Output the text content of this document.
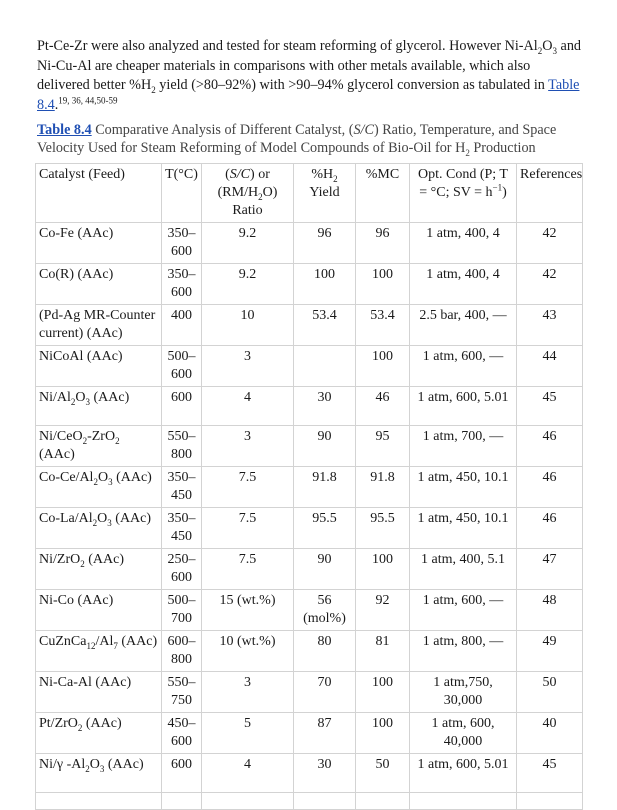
Pt-Ce-Zr were also analyzed and tested for steam reforming of glycerol. However $Ni-Al_2O_3$ and Ni-Cu-Al are cheaper materials in comparisons with other metals available, which also delivered better $\%H_2$ yield (>80–92%) with >90–94% glycerol conversion as tabulated in Table 8.4.$^{19, 36, 44,50-59}$

Table 8.4 Comparative Analysis of Different Catalyst, (S/C) Ratio, Temperature, and Space Velocity Used for Steam Reforming of Model Compounds of Bio-Oil for $H_2$ Production

Catalyst (Feed)	T(°C)	(S/C) or $(RM/H_2O)$ Ratio	$\%H_2$ Yield	%MC	Opt. Cond (P; T = °C; SV = $h^{-1}$)	References
Co-Fe (AAc)	350–600	9.2	96	96	1 atm, 400, 4	42
Co(R) (AAc)	350–600	9.2	100	100	1 atm, 400, 4	42
(Pd-Ag MR-Counter current) (AAc)	400	10	53.4	53.4	2.5 bar, 400, —	43
NiCoAl (AAc)	500–600	3		100	1 atm, 600, —	44
$Ni/Al_2O_3$ (AAc)	600	4	30	46	1 atm, 600, 5.01	45
Ni/CeO$_2$-ZrO$_2$ (AAc)	550–800	3	90	95	1 atm, 700, —	46
$Co-Ce/Al_2O_3$ (AAc)	350–450	7.5	91.8	91.8	1 atm, 450, 10.1	46
$Co-La/Al_2O_3$ (AAc)	350–450	7.5	95.5	95.5	1 atm, 450, 10.1	46
Ni/ZrO$_2$ (AAc)	250–600	7.5	90	100	1 atm, 400, 5.1	47
Ni-Co (AAc)	500–700	15 (wt.%)	56 (mol%)	92	1 atm, 600, —	48
$CuZnCa_{12}/Al_7$ (AAc)	600–800	10 (wt.%)	80	81	1 atm, 800, —	49
Ni-Ca-Al (AAc)	550–750	3	70	100	1 atm,750, 30,000	50
Pt/ZrO$_2$ (AAc)	450–600	5	87	100	1 atm, 600, 40,000	40
Ni/γ $-Al_2O_3$ (AAc)	600	4	30	50	1 atm, 600, 5.01	45
